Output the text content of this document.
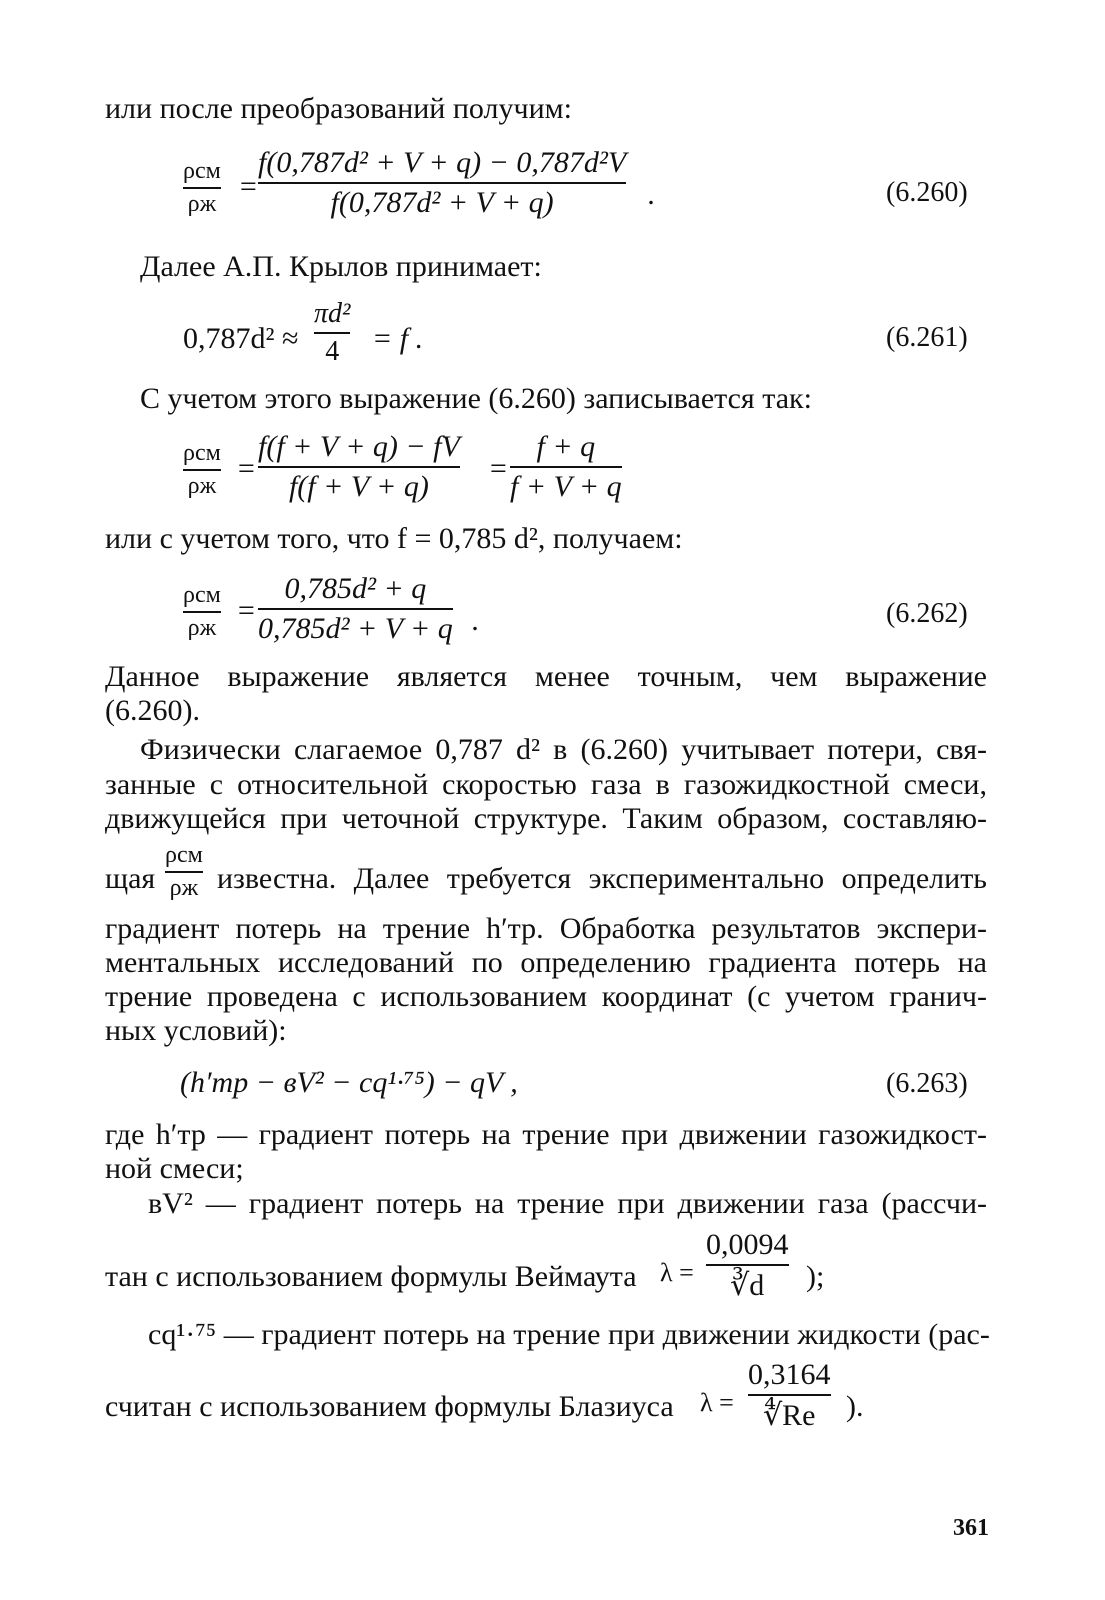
или после преобразований получим:
ρсм
ρж
=
f(0,787d² + V + q) − 0,787d²V
f(0,787d² + V + q)	.	(6.260)
Далее А.П. Крылов принимает:
0,787d² ≈
πd²
4 = f .	(6.261)
С учетом этого выражение (6.260) записывается так:
ρсм
ρж
=
f(f + V + q) − fV
f(f + V + q)
=
f + q
f + V + q
или с учетом того, что f = 0,785 d², получаем:
ρсм
ρж
=
0,785d² + q
0,785d² + V + q .	(6.262)
Данное выражение является менее точным, чем выражение
(6.260).
Физически слагаемое 0,787 d² в (6.260) учитывает потери, свя-
занные с относительной скоростью газа в газожидкостной смеси,
движущейся при четочной структуре. Таким образом, составляю-
щая
ρсм
ρж известна. Далее требуется экспериментально определить
градиент потерь на трение h′тр. Обработка результатов экспери-
ментальных исследований по определению градиента потерь на
трение проведена с использованием координат (с учетом гранич-
ных условий):
(h′тр − вV² − cq¹·⁷⁵) − qV ,	(6.263)
где h′тр — градиент потерь на трение при движении газожидкост-
ной смеси;
вV² — градиент потерь на трение при движении газа (рассчи-
тан с использованием формулы Веймаута λ =
0,0094
∛d );
cq¹·⁷⁵ — градиент потерь на трение при движении жидкости (рас-
считан с использованием формулы Блазиуса λ =
0,3164
∜Re ).
361
